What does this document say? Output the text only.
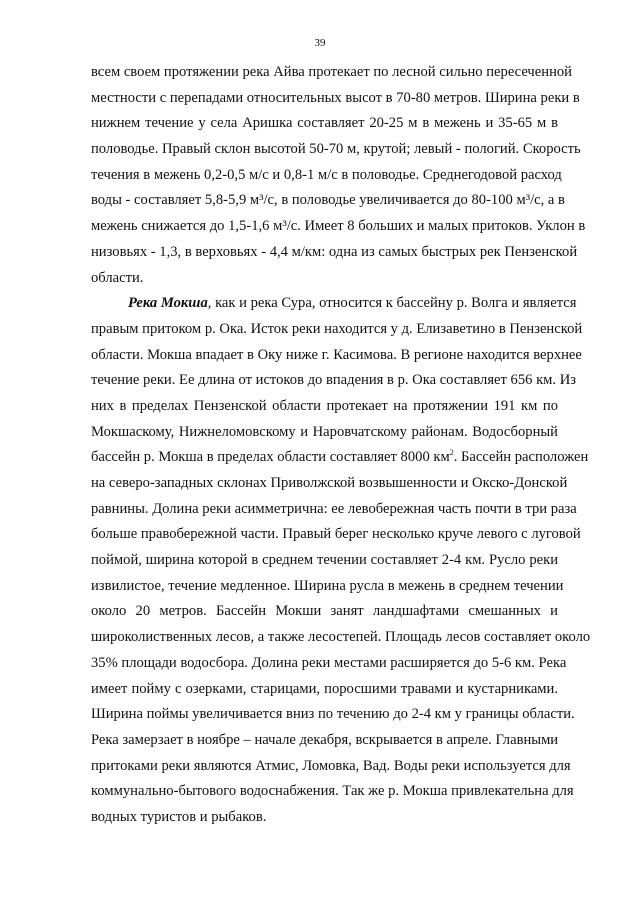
39
всем своем протяжении река Айва протекает по лесной сильно пересеченной
местности с перепадами относительных высот в 70-80 метров. Ширина реки в
нижнем течение у села Аришка составляет 20-25 м в межень и 35-65 м в
половодье. Правый склон высотой 50-70 м, крутой; левый - пологий. Скорость
течения в межень 0,2-0,5 м/с и 0,8-1 м/с в половодье. Среднегодовой расход
воды - составляет 5,8-5,9 м³/с, в половодье увеличивается до 80-100 м³/с, а в
межень снижается до 1,5-1,6 м³/с. Имеет 8 больших и малых притоков. Уклон в
низовьях - 1,3, в верховьях - 4,4 м/км: одна из самых быстрых рек Пензенской
области.
Река Мокша, как и река Сура, относится к бассейну р. Волга и является
правым притоком р. Ока. Исток реки находится у д. Елизаветино в Пензенской
области. Мокша впадает в Оку ниже г. Касимова. В регионе находится верхнее
течение реки. Ее длина от истоков до впадения в р. Ока составляет 656 км. Из
них в пределах Пензенской области протекает на протяжении 191 км по
Мокшаскому, Нижнеломовскому и Наровчатскому районам. Водосборный
бассейн р. Мокша в пределах области составляет 8000 $км^2$. Бассейн расположен
на северо-западных склонах Приволжской возвышенности и Окско-Донской
равнины. Долина реки асимметрична: ее левобережная часть почти в три раза
больше правобережной части. Правый берег несколько круче левого с луговой
поймой, ширина которой в среднем течении составляет 2-4 км. Русло реки
извилистое, течение медленное. Ширина русла в межень в среднем течении
около 20 метров. Бассейн Мокши занят ландшафтами смешанных и
широколиственных лесов, а также лесостепей. Площадь лесов составляет около
35% площади водосбора. Долина реки местами расширяется до 5-6 км. Река
имеет пойму с озерками, старицами, поросшими травами и кустарниками.
Ширина поймы увеличивается вниз по течению до 2-4 км у границы области.
Река замерзает в ноябре – начале декабря, вскрывается в апреле. Главными
притоками реки являются Атмис, Ломовка, Вад. Воды реки используется для
коммунально-бытового водоснабжения. Так же р. Мокша привлекательна для
водных туристов и рыбаков.
